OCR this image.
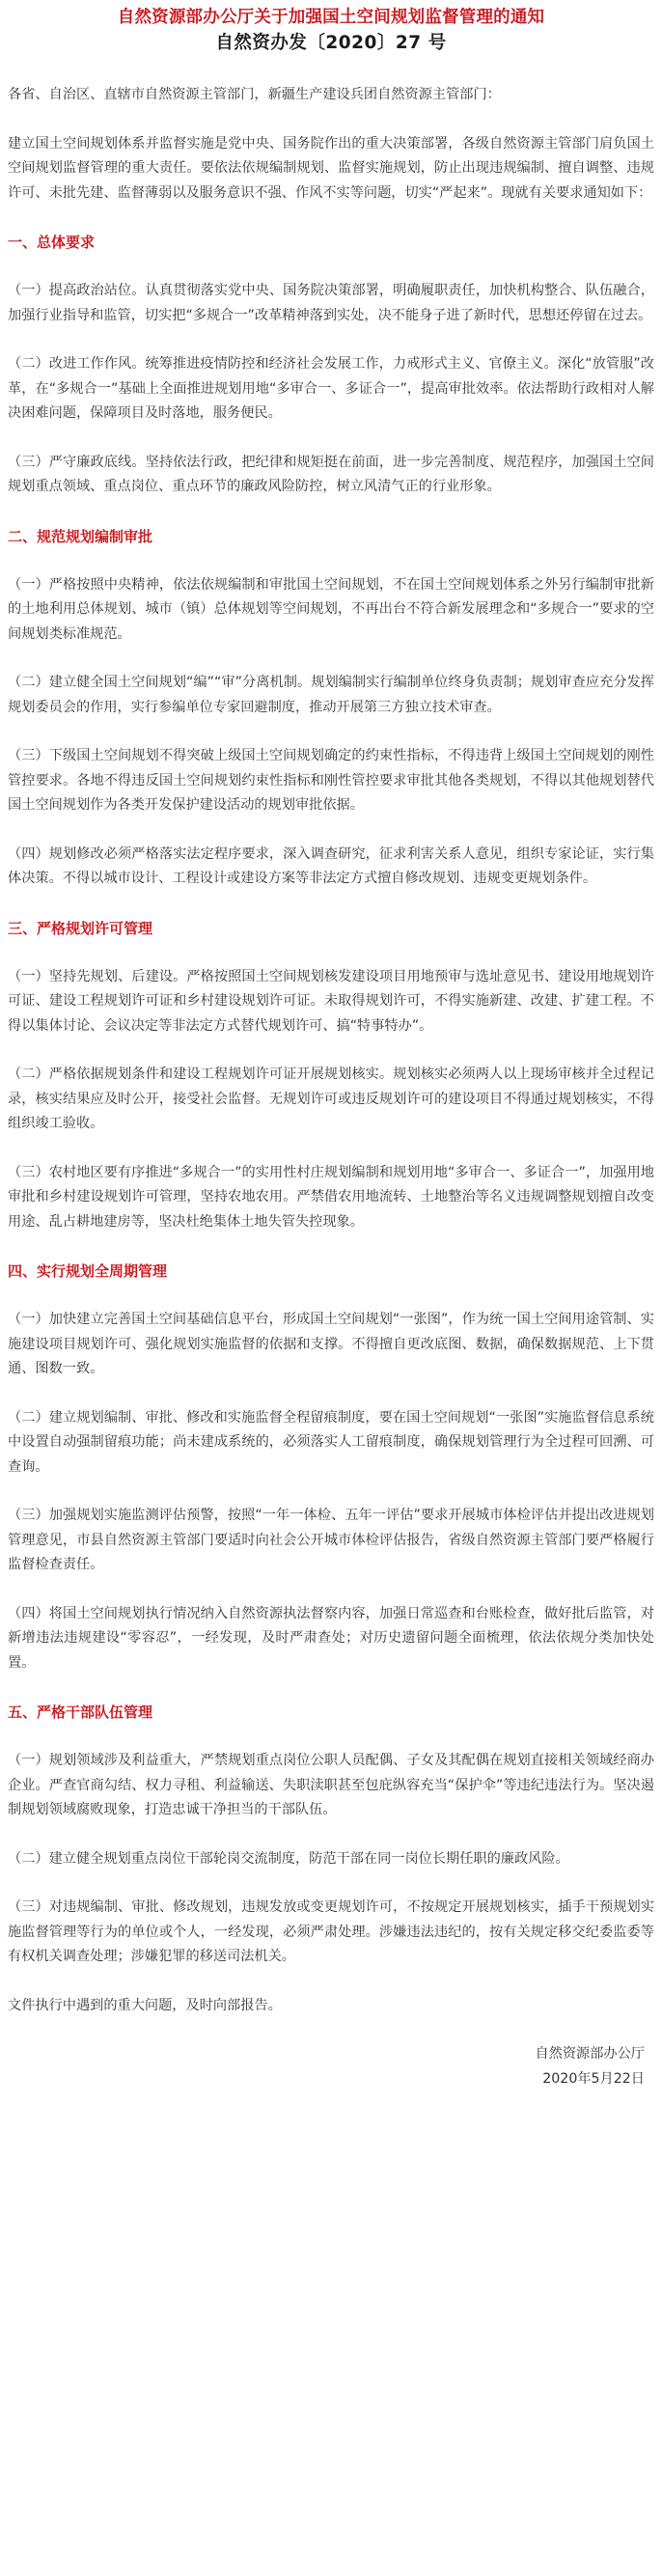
自然资源部办公厅关于加强国土空间规划监督管理的通知
自然资办发〔2020〕27 号

各省、自治区、直辖市自然资源主管部门，新疆生产建设兵团自然资源主管部门：

建立国土空间规划体系并监督实施是党中央、国务院作出的重大决策部署，各级自然资源主管部门肩负国土空间规划监督管理的重大责任。要依法依规编制规划、监督实施规划，防止出现违规编制、擅自调整、违规许可、未批先建、监督薄弱以及服务意识不强、作风不实等问题，切实“严起来”。现就有关要求通知如下：

一、总体要求

（一）提高政治站位。认真贯彻落实党中央、国务院决策部署，明确履职责任，加快机构整合、队伍融合，加强行业指导和监管，切实把“多规合一”改革精神落到实处，决不能身子进了新时代，思想还停留在过去。

（二）改进工作作风。统筹推进疫情防控和经济社会发展工作，力戒形式主义、官僚主义。深化“放管服”改革，在“多规合一”基础上全面推进规划用地“多审合一、多证合一”，提高审批效率。依法帮助行政相对人解决困难问题，保障项目及时落地，服务便民。

（三）严守廉政底线。坚持依法行政，把纪律和规矩挺在前面，进一步完善制度、规范程序，加强国土空间规划重点领域、重点岗位、重点环节的廉政风险防控，树立风清气正的行业形象。

二、规范规划编制审批

（一）严格按照中央精神，依法依规编制和审批国土空间规划，不在国土空间规划体系之外另行编制审批新的土地利用总体规划、城市（镇）总体规划等空间规划，不再出台不符合新发展理念和“多规合一”要求的空间规划类标准规范。

（二）建立健全国土空间规划“编”“审”分离机制。规划编制实行编制单位终身负责制；规划审查应充分发挥规划委员会的作用，实行参编单位专家回避制度，推动开展第三方独立技术审查。

（三）下级国土空间规划不得突破上级国土空间规划确定的约束性指标，不得违背上级国土空间规划的刚性管控要求。各地不得违反国土空间规划约束性指标和刚性管控要求审批其他各类规划，不得以其他规划替代国土空间规划作为各类开发保护建设活动的规划审批依据。

（四）规划修改必须严格落实法定程序要求，深入调查研究，征求利害关系人意见，组织专家论证，实行集体决策。不得以城市设计、工程设计或建设方案等非法定方式擅自修改规划、违规变更规划条件。

三、严格规划许可管理

（一）坚持先规划、后建设。严格按照国土空间规划核发建设项目用地预审与选址意见书、建设用地规划许可证、建设工程规划许可证和乡村建设规划许可证。未取得规划许可，不得实施新建、改建、扩建工程。不得以集体讨论、会议决定等非法定方式替代规划许可、搞“特事特办”。

（二）严格依据规划条件和建设工程规划许可证开展规划核实。规划核实必须两人以上现场审核并全过程记录，核实结果应及时公开，接受社会监督。无规划许可或违反规划许可的建设项目不得通过规划核实，不得组织竣工验收。

（三）农村地区要有序推进“多规合一”的实用性村庄规划编制和规划用地“多审合一、多证合一”，加强用地审批和乡村建设规划许可管理，坚持农地农用。严禁借农用地流转、土地整治等名义违规调整规划擅自改变用途、乱占耕地建房等，坚决杜绝集体土地失管失控现象。

四、实行规划全周期管理

（一）加快建立完善国土空间基础信息平台，形成国土空间规划“一张图”，作为统一国土空间用途管制、实施建设项目规划许可、强化规划实施监督的依据和支撑。不得擅自更改底图、数据，确保数据规范、上下贯通、图数一致。

（二）建立规划编制、审批、修改和实施监督全程留痕制度，要在国土空间规划“一张图”实施监督信息系统中设置自动强制留痕功能；尚未建成系统的，必须落实人工留痕制度，确保规划管理行为全过程可回溯、可查询。

（三）加强规划实施监测评估预警，按照“一年一体检、五年一评估”要求开展城市体检评估并提出改进规划管理意见，市县自然资源主管部门要适时向社会公开城市体检评估报告，省级自然资源主管部门要严格履行监督检查责任。

（四）将国土空间规划执行情况纳入自然资源执法督察内容，加强日常巡查和台账检查，做好批后监管，对新增违法违规建设“零容忍”，一经发现，及时严肃查处；对历史遗留问题全面梳理，依法依规分类加快处置。

五、严格干部队伍管理

（一）规划领域涉及利益重大，严禁规划重点岗位公职人员配偶、子女及其配偶在规划直接相关领域经商办企业。严查官商勾结、权力寻租、利益输送、失职渎职甚至包庇纵容充当“保护伞”等违纪违法行为。坚决遏制规划领域腐败现象，打造忠诚干净担当的干部队伍。

（二）建立健全规划重点岗位干部轮岗交流制度，防范干部在同一岗位长期任职的廉政风险。

（三）对违规编制、审批、修改规划，违规发放或变更规划许可，不按规定开展规划核实，插手干预规划实施监督管理等行为的单位或个人，一经发现，必须严肃处理。涉嫌违法违纪的，按有关规定移交纪委监委等有权机关调查处理；涉嫌犯罪的移送司法机关。

文件执行中遇到的重大问题，及时向部报告。

自然资源部办公厅
2020年5月22日
